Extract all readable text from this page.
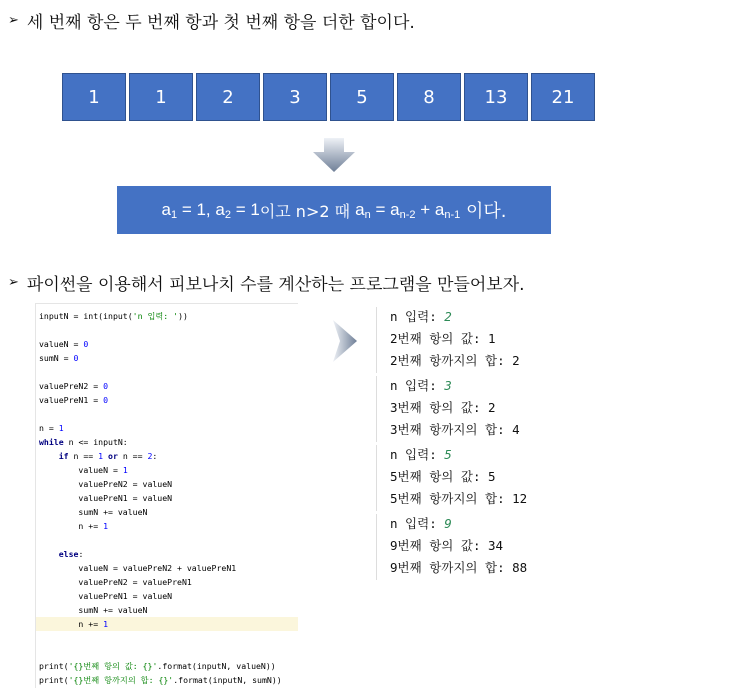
➢ 세 번째 항은 두 번째 항과 첫 번째 항을 더한 합이다.
1	1	2	3	5	8	13	21
$a_1 = 1$, $a_2 = 1$ 이고 n>2 때 $a_n = a_{n-2} + a_{n-1}$ 이다.
➢ 파이썬을 이용해서 피보나치 수를 계산하는 프로그램을 만들어보자.
inputN = int(input('n 입력: '))
valueN = 0
sumN = 0
valuePreN2 = 0
valuePreN1 = 0
n = 1
while n <= inputN:
if n == 1 or n == 2:
valueN = 1
valuePreN2 = valueN
valuePreN1 = valueN
sumN += valueN
n += 1
else:
valueN = valuePreN2 + valuePreN1
valuePreN2 = valuePreN1
valuePreN1 = valueN
sumN += valueN
n += 1
print('{}번째 항의 값: {}'.format(inputN, valueN))
print('{}번째 항까지의 합: {}'.format(inputN, sumN))
n 입력: 2
2번째 항의 값: 1
2번째 항까지의 합: 2
n 입력: 3
3번째 항의 값: 2
3번째 항까지의 합: 4
n 입력: 5
5번째 항의 값: 5
5번째 항까지의 합: 12
n 입력: 9
9번째 항의 값: 34
9번째 항까지의 합: 88
